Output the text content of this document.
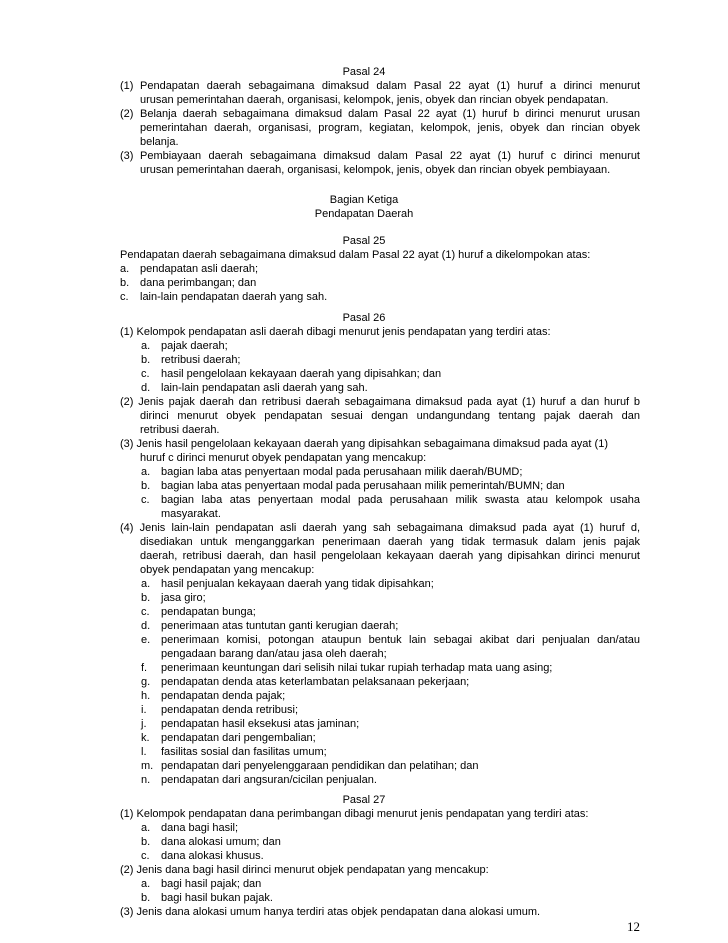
Pasal 24
(1) Pendapatan daerah sebagaimana dimaksud dalam Pasal 22 ayat (1) huruf a dirinci menurut
urusan pemerintahan daerah, organisasi, kelompok, jenis, obyek dan rincian obyek pendapatan.
(2) Belanja daerah sebagaimana dimaksud dalam Pasal 22 ayat (1) huruf b dirinci menurut urusan
pemerintahan daerah, organisasi, program, kegiatan, kelompok, jenis, obyek dan rincian obyek
belanja.
(3) Pembiayaan daerah sebagaimana dimaksud dalam Pasal 22 ayat (1) huruf c dirinci menurut
urusan pemerintahan daerah, organisasi, kelompok, jenis, obyek dan rincian obyek pembiayaan.
Bagian Ketiga
Pendapatan Daerah
Pasal 25
Pendapatan daerah sebagaimana dimaksud dalam Pasal 22 ayat (1) huruf a dikelompokan atas:
a. pendapatan asli daerah;
b. dana perimbangan; dan
c. lain-lain pendapatan daerah yang sah.
Pasal 26
(1) Kelompok pendapatan asli daerah dibagi menurut jenis pendapatan yang terdiri atas:
a. pajak daerah;
b. retribusi daerah;
c. hasil pengelolaan kekayaan daerah yang dipisahkan; dan
d. lain-lain pendapatan asli daerah yang sah.
(2) Jenis pajak daerah dan retribusi daerah sebagaimana dimaksud pada ayat (1) huruf a dan huruf b
dirinci menurut obyek pendapatan sesuai dengan undangundang tentang pajak daerah dan
retribusi daerah.
(3) Jenis hasil pengelolaan kekayaan daerah yang dipisahkan sebagaimana dimaksud pada ayat (1)
huruf c dirinci menurut obyek pendapatan yang mencakup:
a. bagian laba atas penyertaan modal pada perusahaan milik daerah/BUMD;
b. bagian laba atas penyertaan modal pada perusahaan milik pemerintah/BUMN; dan
c. bagian laba atas penyertaan modal pada perusahaan milik swasta atau kelompok usaha
masyarakat.
(4) Jenis lain-lain pendapatan asli daerah yang sah sebagaimana dimaksud pada ayat (1) huruf d,
disediakan untuk menganggarkan penerimaan daerah yang tidak termasuk dalam jenis pajak
daerah, retribusi daerah, dan hasil pengelolaan kekayaan daerah yang dipisahkan dirinci menurut
obyek pendapatan yang mencakup:
a. hasil penjualan kekayaan daerah yang tidak dipisahkan;
b. jasa giro;
c. pendapatan bunga;
d. penerimaan atas tuntutan ganti kerugian daerah;
e. penerimaan komisi, potongan ataupun bentuk lain sebagai akibat dari penjualan dan/atau
pengadaan barang dan/atau jasa oleh daerah;
f. penerimaan keuntungan dari selisih nilai tukar rupiah terhadap mata uang asing;
g. pendapatan denda atas keterlambatan pelaksanaan pekerjaan;
h. pendapatan denda pajak;
i. pendapatan denda retribusi;
j. pendapatan hasil eksekusi atas jaminan;
k. pendapatan dari pengembalian;
l. fasilitas sosial dan fasilitas umum;
m. pendapatan dari penyelenggaraan pendidikan dan pelatihan; dan
n. pendapatan dari angsuran/cicilan penjualan.
Pasal 27
(1) Kelompok pendapatan dana perimbangan dibagi menurut jenis pendapatan yang terdiri atas:
a. dana bagi hasil;
b. dana alokasi umum; dan
c. dana alokasi khusus.
(2) Jenis dana bagi hasil dirinci menurut objek pendapatan yang mencakup:
a. bagi hasil pajak; dan
b. bagi hasil bukan pajak.
(3) Jenis dana alokasi umum hanya terdiri atas objek pendapatan dana alokasi umum.
12
